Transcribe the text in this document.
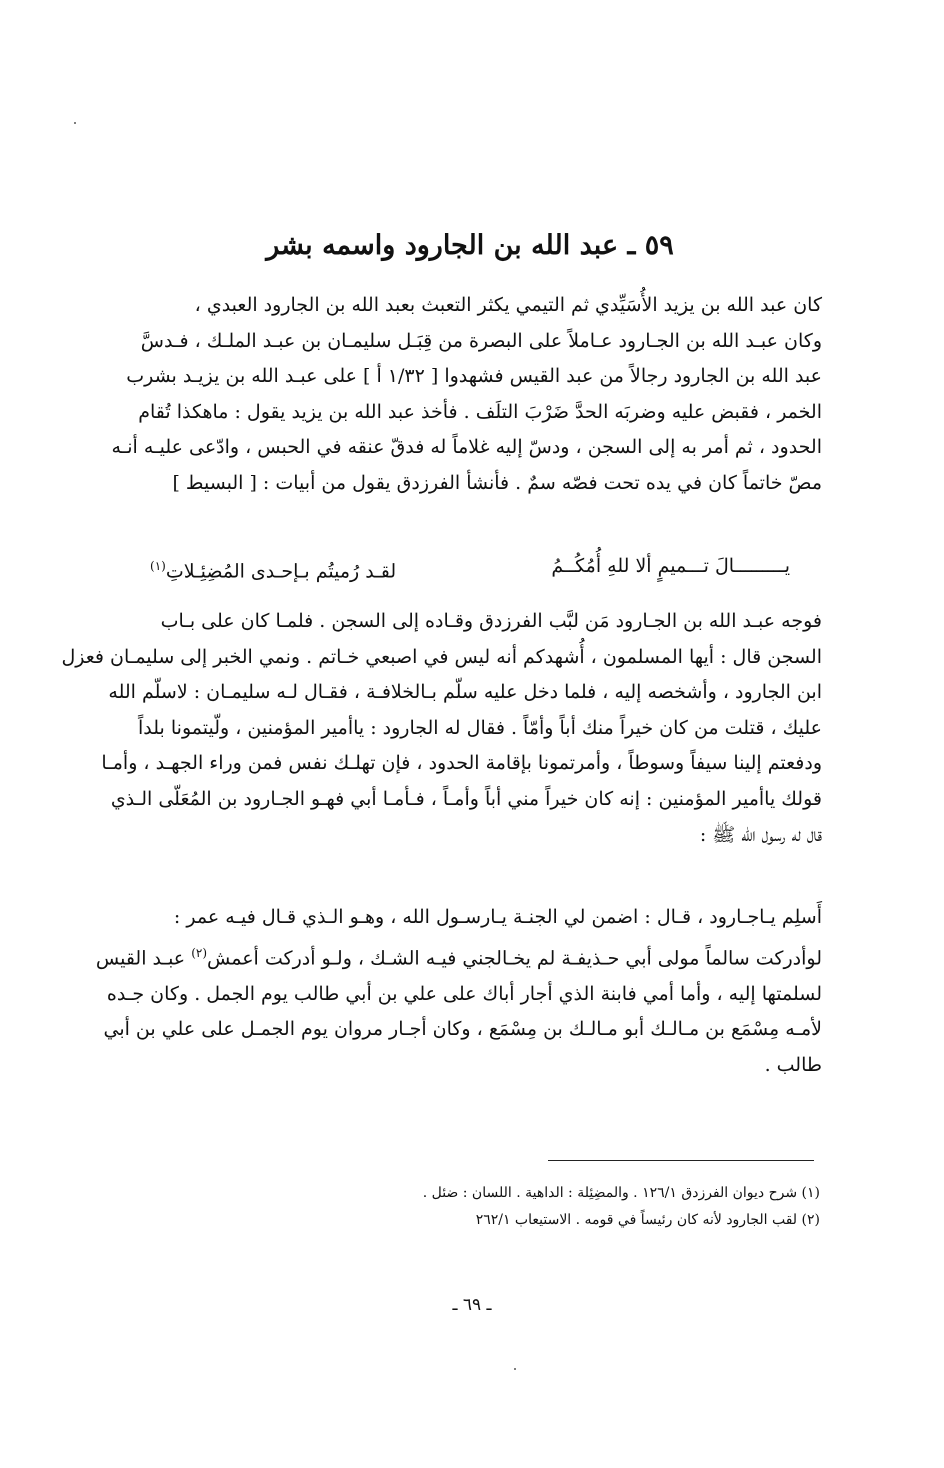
٥٩ ـ عبد الله بن الجارود واسمه بشر
كان عبد الله بن يزيد الأُسَيِّدي ثم التيمي يكثر التعبث بعبد الله بن الجارود العبدي ،
وكان عبـد الله بن الجـارود عـاملاً على البصرة من قِبَـل سليمـان بن عبـد الملـك ، فـدسَّ
عبد الله بن الجارود رجالاً من عبد القيس فشهدوا [ ١/٣٢ أ ] على عبـد الله بن يزيـد بشرب
الخمر ، فقبض عليه وضربَه الحدَّ ضَرْبَ التلَف . فأخذ عبد الله بن يزيد يقول : ماهكذا تُقام
الحدود ، ثم أمر به إلى السجن ، ودسّ إليه غلاماً له فدقّ عنقه في الحبس ، وادّعى عليـه أنـه
مصّ خاتماً كان في يده تحت فصّه سمٌ . فأنشأ الفرزدق يقول من أبيات : [ البسيط ]
يـــــــــالَ تـــميمٍ ألا للهِ أُمُكُــمُ
لقـد رُميتُم بـإحـدى المُضِئِـلاتِ$^{(١)}$
فوجه عبـد الله بن الجـارود مَن لبَّب الفرزدق وقـاده إلى السجن . فلمـا كان على بـاب
السجن قال : أيها المسلمون ، أُشهدكم أنه ليس في اصبعي خـاتم . ونمي الخبر إلى سليمـان فعزل
ابن الجارود ، وأشخصه إليه ، فلما دخل عليه سلّم بـالخلافـة ، فقـال لـه سليمـان : لاسلّم الله
عليك ، قتلت من كان خيراً منك أباً وأمّاً . فقال له الجارود : ياأمير المؤمنين ، ولّيتمونا بلداً
ودفعتم إلينا سيفاً وسوطاً ، وأمرتمونا بإقامة الحدود ، فإن تهلـك نفس فمن وراء الجهـد ، وأمـا
قولك ياأمير المؤمنين : إنه كان خيراً مني أباً وأمـاً ، فـأمـا أبي فهـو الجـارود بن المُعَلّى الـذي
قال له رسول الله ﷺ :
أَسلِم يـاجـارود ، قـال : اضمن لي الجنـة يـارسـول الله ، وهـو الـذي قـال فيـه عمر :
لوأدركت سالماً مولى أبي حـذيفـة لم يخـالجني فيـه الشـك ، ولـو أدركت أعمش$^{(٢)}$ عبـد القيس
لسلمتها إليه ، وأما أمي فابنة الذي أجار أباك على علي بن أبي طالب يوم الجمل . وكان جـده
لأمـه مِسْمَع بن مـالـك أبو مـالـك بن مِسْمَع ، وكان أجـار مروان يوم الجمـل على علي بن أبي
طالب .
(١) شرح ديوان الفرزدق ١٢٦/١ . والمضِئِلة : الداهية . اللسان : ضئل .
(٢) لقب الجارود لأنه كان رئيساً في قومه . الاستيعاب ٢٦٢/١
ـ ٦٩ ـ
